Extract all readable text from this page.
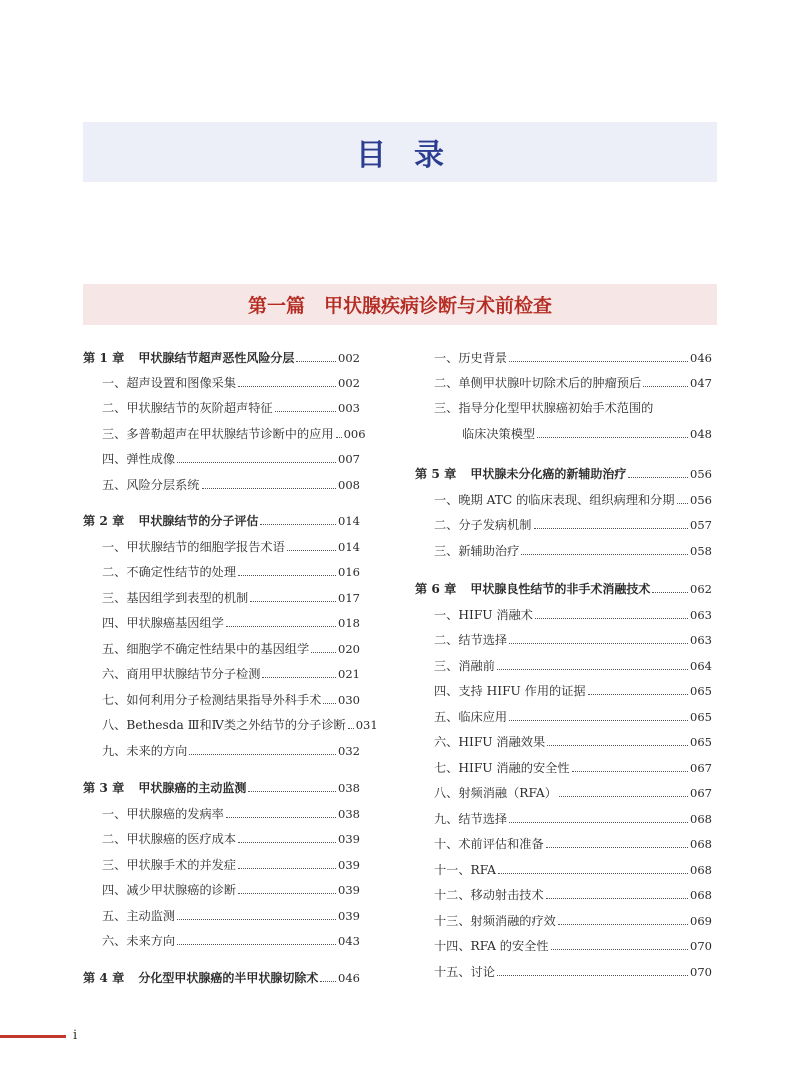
目录
第一篇　甲状腺疾病诊断与术前检查
第 1 章 甲状腺结节超声恶性风险分层	002
一、超声设置和图像采集	002
二、甲状腺结节的灰阶超声特征	003
三、多普勒超声在甲状腺结节诊断中的应用 006
四、弹性成像	007
五、风险分层系统	008
第 2 章 甲状腺结节的分子评估	014
一、甲状腺结节的细胞学报告术语	014
二、不确定性结节的处理	016
三、基因组学到表型的机制	017
四、甲状腺癌基因组学	018
五、细胞学不确定性结果中的基因组学	020
六、商用甲状腺结节分子检测	021
七、如何利用分子检测结果指导外科手术 030
八、Bethesda Ⅲ和Ⅳ类之外结节的分子诊断 031
九、未来的方向	032
第 3 章 甲状腺癌的主动监测	038
一、甲状腺癌的发病率	038
二、甲状腺癌的医疗成本	039
三、甲状腺手术的并发症	039
四、减少甲状腺癌的诊断	039
五、主动监测	039
六、未来方向	043
第 4 章 分化型甲状腺癌的半甲状腺切除术 046
一、历史背景	046
二、单侧甲状腺叶切除术后的肿瘤预后	047
三、指导分化型甲状腺癌初始手术范围的
临床决策模型	048
第 5 章 甲状腺未分化癌的新辅助治疗	056
一、晚期 ATC 的临床表现、组织病理和分期 056
二、分子发病机制	057
三、新辅助治疗	058
第 6 章 甲状腺良性结节的非手术消融技术	062
一、HIFU 消融术	063
二、结节选择	063
三、消融前	064
四、支持 HIFU 作用的证据	065
五、临床应用	065
六、HIFU 消融效果	065
七、HIFU 消融的安全性	067
八、射频消融（RFA）	067
九、结节选择	068
十、术前评估和准备	068
十一、RFA	068
十二、移动射击技术	068
十三、射频消融的疗效	069
十四、RFA 的安全性	070
十五、讨论	070
i
